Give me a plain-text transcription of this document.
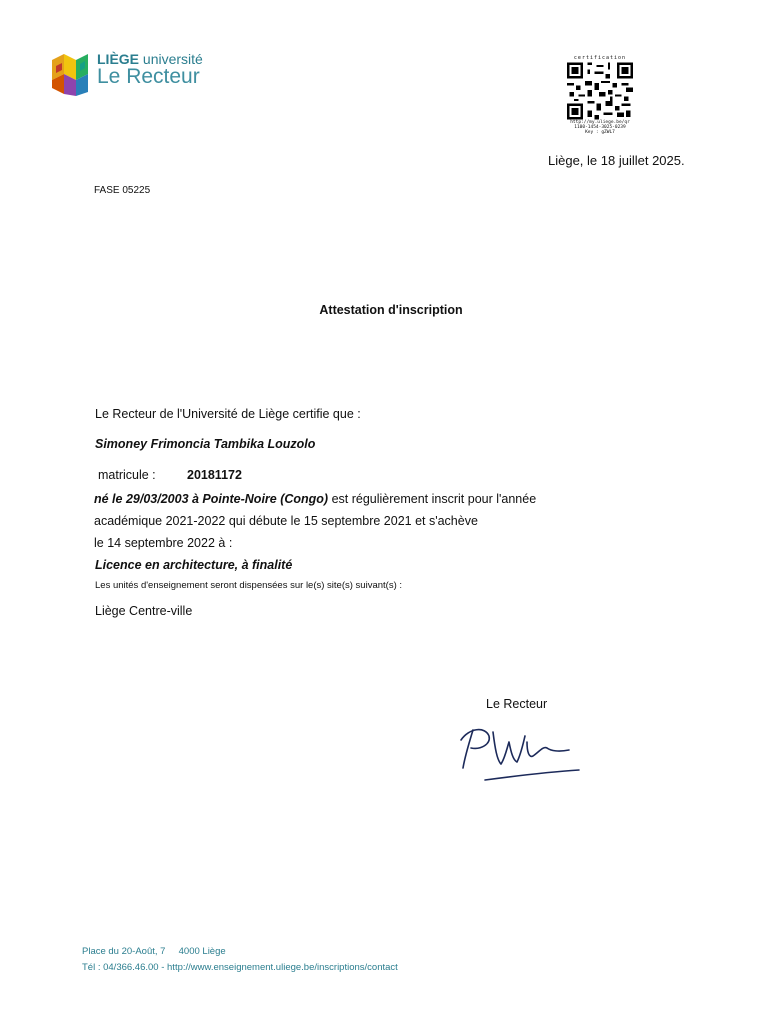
LIÈGE université
Le Recteur
certification
http://my.uliege.be/qr
1100-1454-3025-0239
Key : gZWL7
Liège, le 18 juillet 2025.
FASE 05225
Attestation d'inscription
Le Recteur de l'Université de Liège certifie que :
Simoney Frimoncia Tambika Louzolo
matricule :	20181172
né le 29/03/2003 à Pointe-Noire (Congo) est régulièrement inscrit pour l'année
académique 2021-2022 qui débute le 15 septembre 2021 et s'achève
le 14 septembre 2022 à :
Licence en architecture, à finalité
Les unités d'enseignement seront dispensées sur le(s) site(s) suivant(s) :
Liège Centre-ville
Le Recteur
Place du 20-Août, 7     4000 Liège
Tél : 04/366.46.00 - http://www.enseignement.uliege.be/inscriptions/contact
